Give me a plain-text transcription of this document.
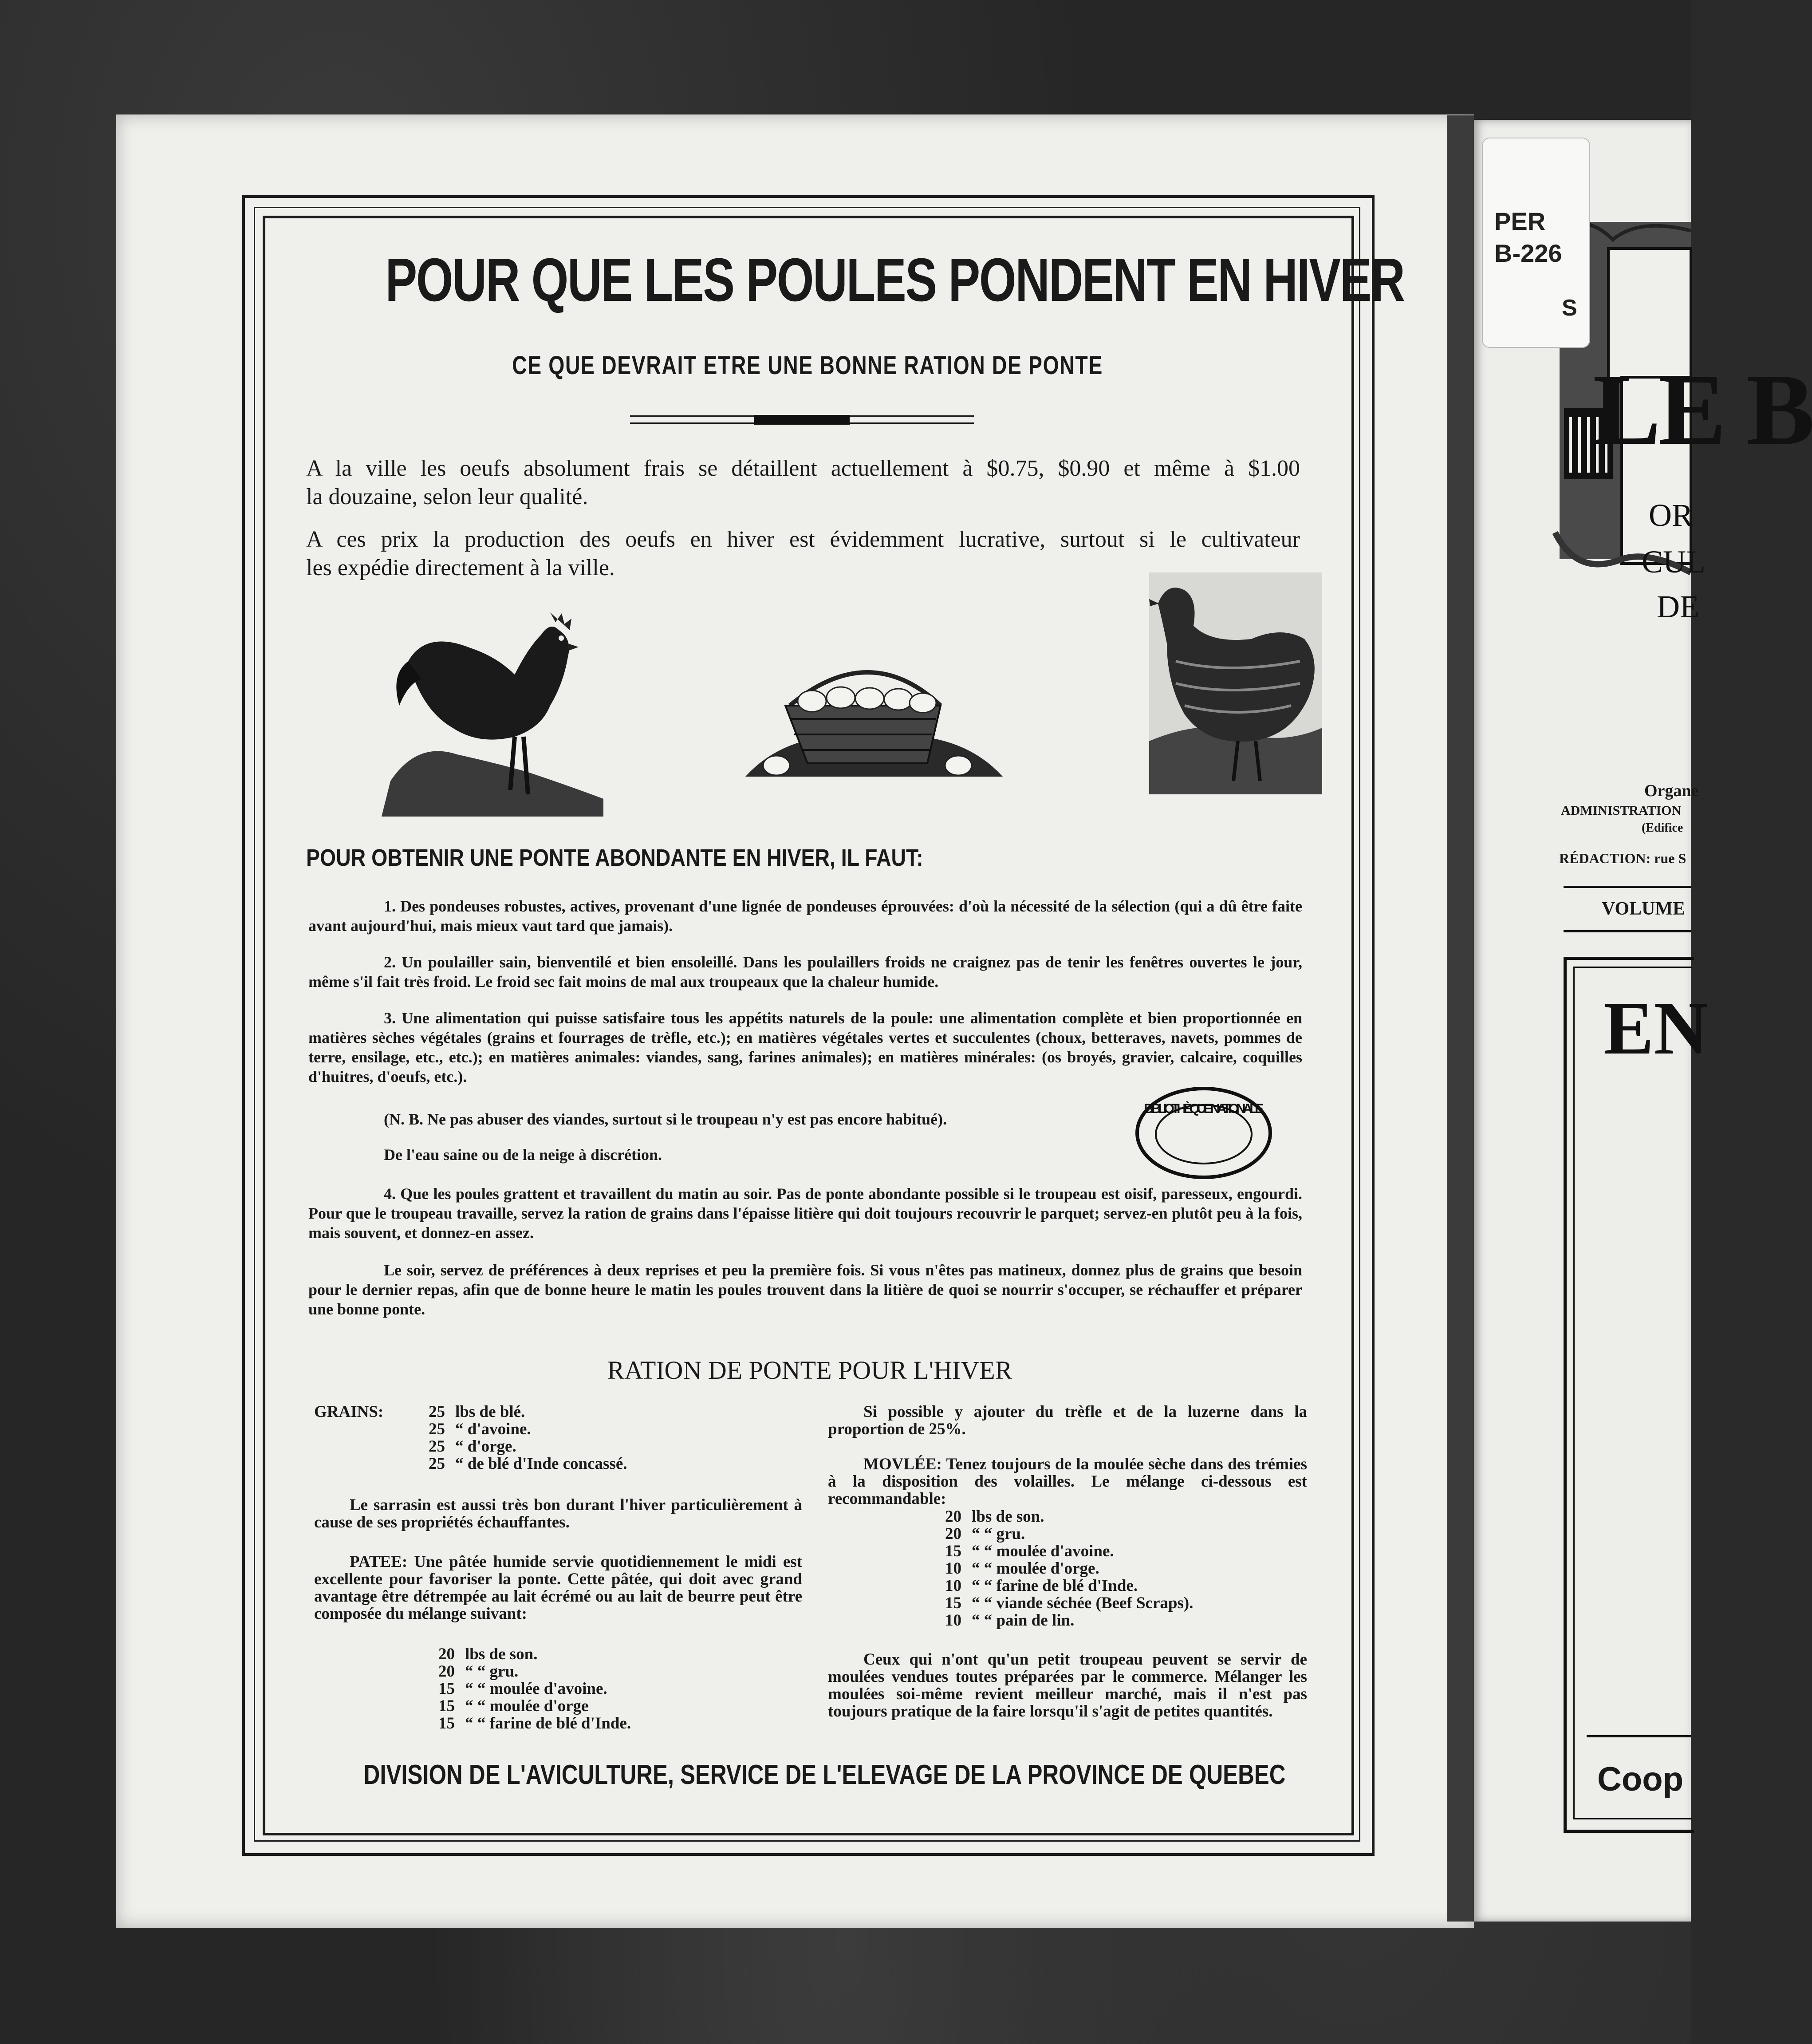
POUR QUE LES POULES PONDENT EN HIVER
CE QUE DEVRAIT ETRE UNE BONNE RATION DE PONTE
A la ville les oeufs absolument frais se détaillent actuellement à $0.75, $0.90 et même à $1.00
la douzaine, selon leur qualité.
A ces prix la production des oeufs en hiver est évidemment lucrative, surtout si le cultivateur
les expédie directement à la ville.
POUR OBTENIR UNE PONTE ABONDANTE EN HIVER, IL FAUT:
1. Des pondeuses robustes, actives, provenant d'une lignée de pondeuses éprouvées: d'où la nécessité de la sélection (qui a dû être faite avant aujourd'hui, mais mieux vaut tard que jamais).
2. Un poulailler sain, bienventilé et bien ensoleillé. Dans les poulaillers froids ne craignez pas de tenir les fenêtres ouvertes le jour, même s'il fait très froid. Le froid sec fait moins de mal aux troupeaux que la chaleur humide.
3. Une alimentation qui puisse satisfaire tous les appétits naturels de la poule: une alimentation complète et bien proportionnée en matières sèches végétales (grains et fourrages de trèfle, etc.); en matières végétales vertes et succulentes (choux, betteraves, navets, pommes de terre, ensilage, etc., etc.); en matières animales: viandes, sang, farines animales); en matières minérales: (os broyés, gravier, calcaire, coquilles d'huitres, d'oeufs, etc.).
(N. B. Ne pas abuser des viandes, surtout si le troupeau n'y est pas encore habitué).
De l'eau saine ou de la neige à discrétion.
4. Que les poules grattent et travaillent du matin au soir. Pas de ponte abondante possible si le troupeau est oisif, paresseux, engourdi. Pour que le troupeau travaille, servez la ration de grains dans l'épaisse litière qui doit toujours recouvrir le parquet; servez-en plutôt peu à la fois, mais souvent, et donnez-en assez.
Le soir, servez de préférences à deux reprises et peu la première fois. Si vous n'êtes pas matineux, donnez plus de grains que besoin pour le dernier repas, afin que de bonne heure le matin les poules trouvent dans la litière de quoi se nourrir s'occuper, se réchauffer et préparer une bonne ponte.
BIBLIOTHÈQUE NATIONALE
RATION DE PONTE POUR L'HIVER
GRAINS:	25	lbs de blé.
25	“ d'avoine.
25	“ d'orge.
25	“ de blé d'Inde concassé.
Le sarrasin est aussi très bon durant l'hiver particulièrement à cause de ses propriétés échauffantes.
PATEE: Une pâtée humide servie quotidiennement le midi est excellente pour favoriser la ponte. Cette pâtée, qui doit avec grand avantage être détrempée au lait écrémé ou au lait de beurre peut être composée du mélange suivant:
20	lbs de son.
20	“ “ gru.
15	“ “ moulée d'avoine.
15	“ “ moulée d'orge
15	“ “ farine de blé d'Inde.
Si possible y ajouter du trèfle et de la luzerne dans la proportion de 25%.
MOVLÉE: Tenez toujours de la moulée sèche dans des trémies à la disposition des volailles. Le mélange ci-dessous est recommandable:
20	lbs de son.
20	“ “ gru.
15	“ “ moulée d'avoine.
10	“ “ moulée d'orge.
10	“ “ farine de blé d'Inde.
15	“ “ viande séchée (Beef Scraps).
10	“ “ pain de lin.
Ceux qui n'ont qu'un petit troupeau peuvent se servir de moulées vendues toutes préparées par le commerce. Mélanger les moulées soi-même revient meilleur marché, mais il n'est pas toujours pratique de la faire lorsqu'il s'agit de petites quantités.
DIVISION DE L'AVICULTURE, SERVICE DE L'ELEVAGE DE LA PROVINCE DE QUEBEC
PER
B-226
S
LE B
OR
CUL
DE
Organe
ADMINISTRATION
(Edifice
RÉDACTION: rue S
VOLUME
EN
Coop
